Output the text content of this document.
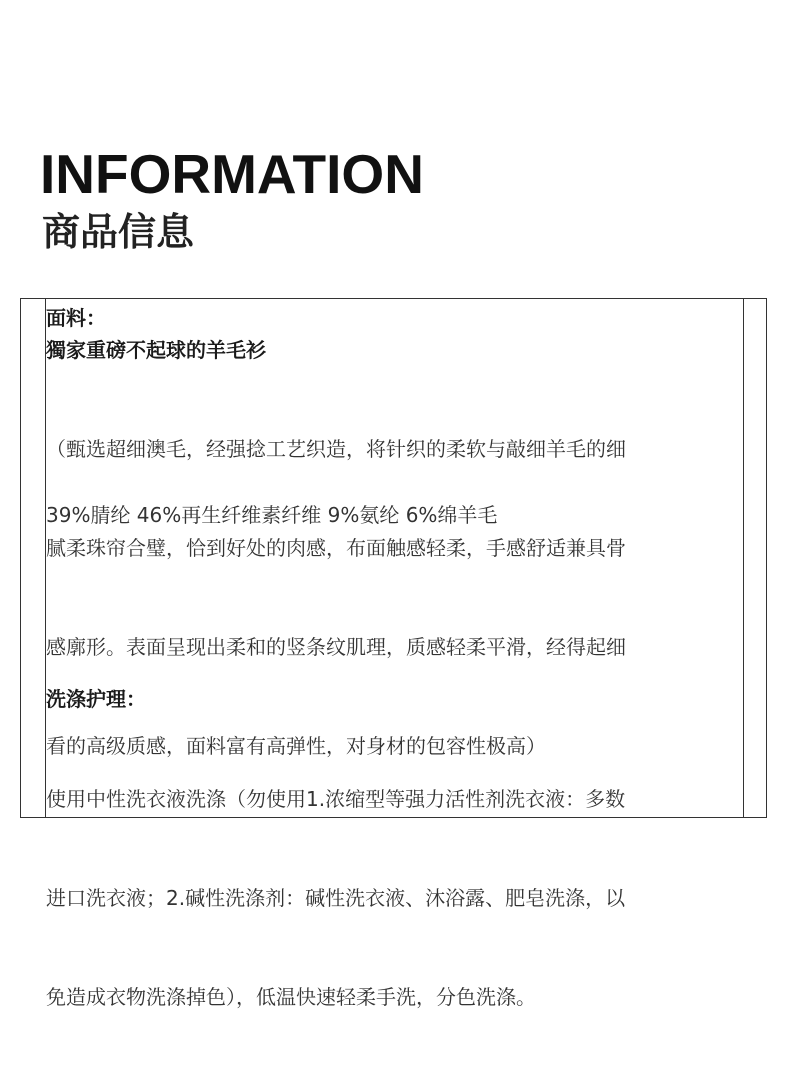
INFORMATION
商品信息
面料：
獨家重磅不起球的羊毛衫

（甄选超细澳毛，经强捻工艺织造，将针织的柔软与敲细羊毛的细

腻柔珠帘合璧，恰到好处的肉感，布面触感轻柔，手感舒适兼具骨

感廓形。表面呈现出柔和的竖条纹肌理，质感轻柔平滑，经得起细

看的高级质感，面料富有高弹性，对身材的包容性极高）

39%腈纶 46%再生纤维素纤维 9%氨纶 6%绵羊毛
洗涤护理：

使用中性洗衣液洗涤（勿使用1.浓缩型等强力活性剂洗衣液：多数

进口洗衣液；2.碱性洗涤剂：碱性洗衣液、沐浴露、肥皂洗涤，以

免造成衣物洗涤掉色），低温快速轻柔手洗，分色洗涤。
